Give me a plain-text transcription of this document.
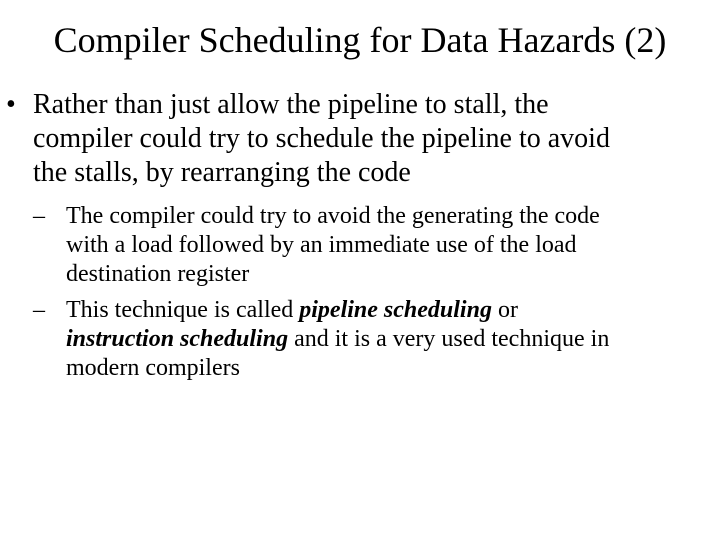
Compiler Scheduling for Data Hazards (2)
• Rather than just allow the pipeline to stall, the
compiler could try to schedule the pipeline to avoid
the stalls, by rearranging the code
– The compiler could try to avoid the generating the code
with a load followed by an immediate use of the load
destination register
– This technique is called pipeline scheduling or
instruction scheduling and it is a very used technique in
modern compilers
